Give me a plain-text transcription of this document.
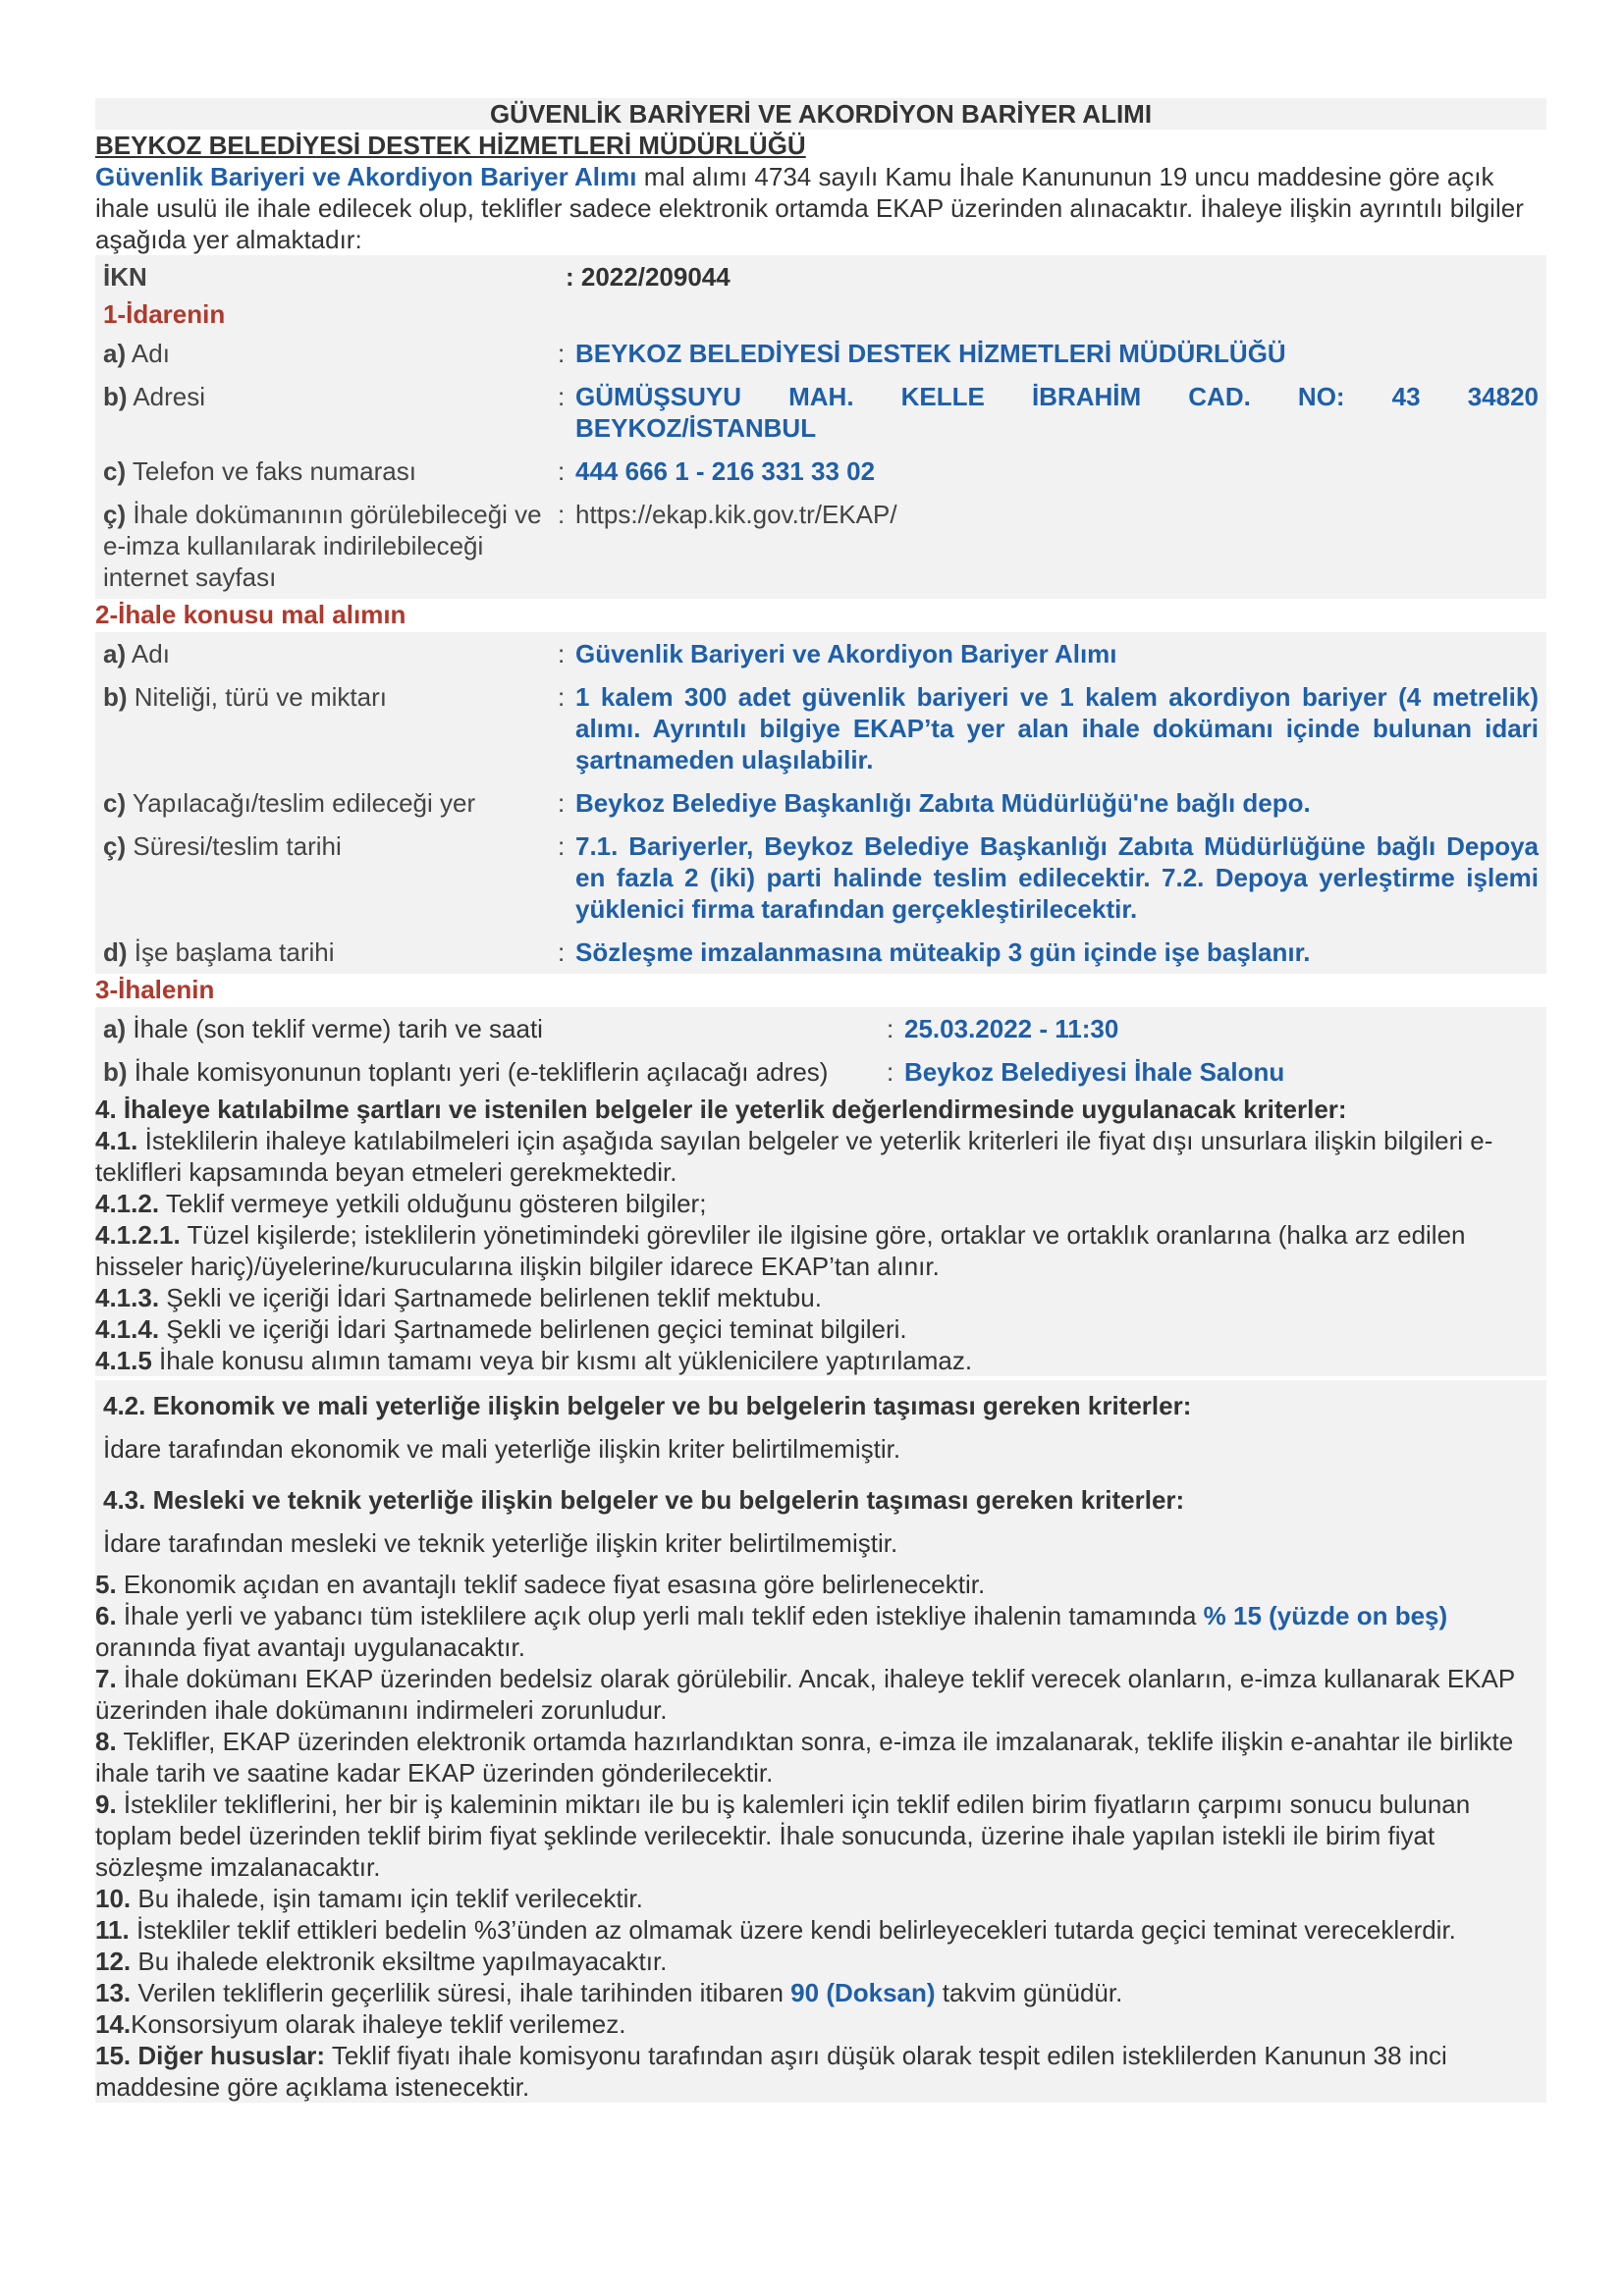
GÜVENLİK BARİYERİ VE AKORDİYON BARİYER ALIMI
BEYKOZ BELEDİYESİ DESTEK HİZMETLERİ MÜDÜRLÜĞÜ

Güvenlik Bariyeri ve Akordiyon Bariyer Alımı mal alımı 4734 sayılı Kamu İhale Kanununun 19 uncu maddesine göre açık ihale usulü ile ihale edilecek olup, teklifler sadece elektronik ortamda EKAP üzerinden alınacaktır. İhaleye ilişkin ayrıntılı bilgiler aşağıda yer almaktadır:

İKN	: 2022/209044
1-İdarenin
a) Adı	:	BEYKOZ BELEDİYESİ DESTEK HİZMETLERİ MÜDÜRLÜĞÜ
b) Adresi	:	GÜMÜŞSUYU MAH. KELLE İBRAHİM CAD. NO: 43 34820 BEYKOZ/İSTANBUL
c) Telefon ve faks numarası	:	444 666 1 - 216 331 33 02
ç) İhale dokümanının görülebileceği ve e-imza kullanılarak indirilebileceği internet sayfası	:	https://ekap.kik.gov.tr/EKAP/
2-İhale konusu mal alımın
a) Adı	:	Güvenlik Bariyeri ve Akordiyon Bariyer Alımı
b) Niteliği, türü ve miktarı	:	1 kalem 300 adet güvenlik bariyeri ve 1 kalem akordiyon bariyer (4 metrelik) alımı. Ayrıntılı bilgiye EKAP’ta yer alan ihale dokümanı içinde bulunan idari şartnameden ulaşılabilir.
c) Yapılacağı/teslim edileceği yer	:	Beykoz Belediye Başkanlığı Zabıta Müdürlüğü'ne bağlı depo.
ç) Süresi/teslim tarihi	:	7.1. Bariyerler, Beykoz Belediye Başkanlığı Zabıta Müdürlüğüne bağlı Depoya en fazla 2 (iki) parti halinde teslim edilecektir. 7.2. Depoya yerleştirme işlemi yüklenici firma tarafından gerçekleştirilecektir.
d) İşe başlama tarihi	:	Sözleşme imzalanmasına müteakip 3 gün içinde işe başlanır.
3-İhalenin
a) İhale (son teklif verme) tarih ve saati	:	25.03.2022 - 11:30
b) İhale komisyonunun toplantı yeri (e-tekliflerin açılacağı adres)	:	Beykoz Belediyesi İhale Salonu
4. İhaleye katılabilme şartları ve istenilen belgeler ile yeterlik değerlendirmesinde uygulanacak kriterler:

4.1. İsteklilerin ihaleye katılabilmeleri için aşağıda sayılan belgeler ve yeterlik kriterleri ile fiyat dışı unsurlara ilişkin bilgileri e-teklifleri kapsamında beyan etmeleri gerekmektedir.

4.1.2. Teklif vermeye yetkili olduğunu gösteren bilgiler;

4.1.2.1. Tüzel kişilerde; isteklilerin yönetimindeki görevliler ile ilgisine göre, ortaklar ve ortaklık oranlarına (halka arz edilen hisseler hariç)/üyelerine/kurucularına ilişkin bilgiler idarece EKAP’tan alınır.

4.1.3. Şekli ve içeriği İdari Şartnamede belirlenen teklif mektubu.

4.1.4. Şekli ve içeriği İdari Şartnamede belirlenen geçici teminat bilgileri.

4.1.5 İhale konusu alımın tamamı veya bir kısmı alt yüklenicilere yaptırılamaz.

4.2. Ekonomik ve mali yeterliğe ilişkin belgeler ve bu belgelerin taşıması gereken kriterler:
İdare tarafından ekonomik ve mali yeterliğe ilişkin kriter belirtilmemiştir.
4.3. Mesleki ve teknik yeterliğe ilişkin belgeler ve bu belgelerin taşıması gereken kriterler:
İdare tarafından mesleki ve teknik yeterliğe ilişkin kriter belirtilmemiştir.

5. Ekonomik açıdan en avantajlı teklif sadece fiyat esasına göre belirlenecektir.

6. İhale yerli ve yabancı tüm isteklilere açık olup yerli malı teklif eden istekliye ihalenin tamamında % 15 (yüzde on beş) oranında fiyat avantajı uygulanacaktır.

7. İhale dokümanı EKAP üzerinden bedelsiz olarak görülebilir. Ancak, ihaleye teklif verecek olanların, e-imza kullanarak EKAP üzerinden ihale dokümanını indirmeleri zorunludur.

8. Teklifler, EKAP üzerinden elektronik ortamda hazırlandıktan sonra, e-imza ile imzalanarak, teklife ilişkin e-anahtar ile birlikte ihale tarih ve saatine kadar EKAP üzerinden gönderilecektir.

9. İstekliler tekliflerini, her bir iş kaleminin miktarı ile bu iş kalemleri için teklif edilen birim fiyatların çarpımı sonucu bulunan toplam bedel üzerinden teklif birim fiyat şeklinde verilecektir. İhale sonucunda, üzerine ihale yapılan istekli ile birim fiyat sözleşme imzalanacaktır.

10. Bu ihalede, işin tamamı için teklif verilecektir.

11. İstekliler teklif ettikleri bedelin %3’ünden az olmamak üzere kendi belirleyecekleri tutarda geçici teminat vereceklerdir.

12. Bu ihalede elektronik eksiltme yapılmayacaktır.

13. Verilen tekliflerin geçerlilik süresi, ihale tarihinden itibaren 90 (Doksan) takvim günüdür.

14.Konsorsiyum olarak ihaleye teklif verilemez.

15. Diğer hususlar: Teklif fiyatı ihale komisyonu tarafından aşırı düşük olarak tespit edilen isteklilerden Kanunun 38 inci maddesine göre açıklama istenecektir.
